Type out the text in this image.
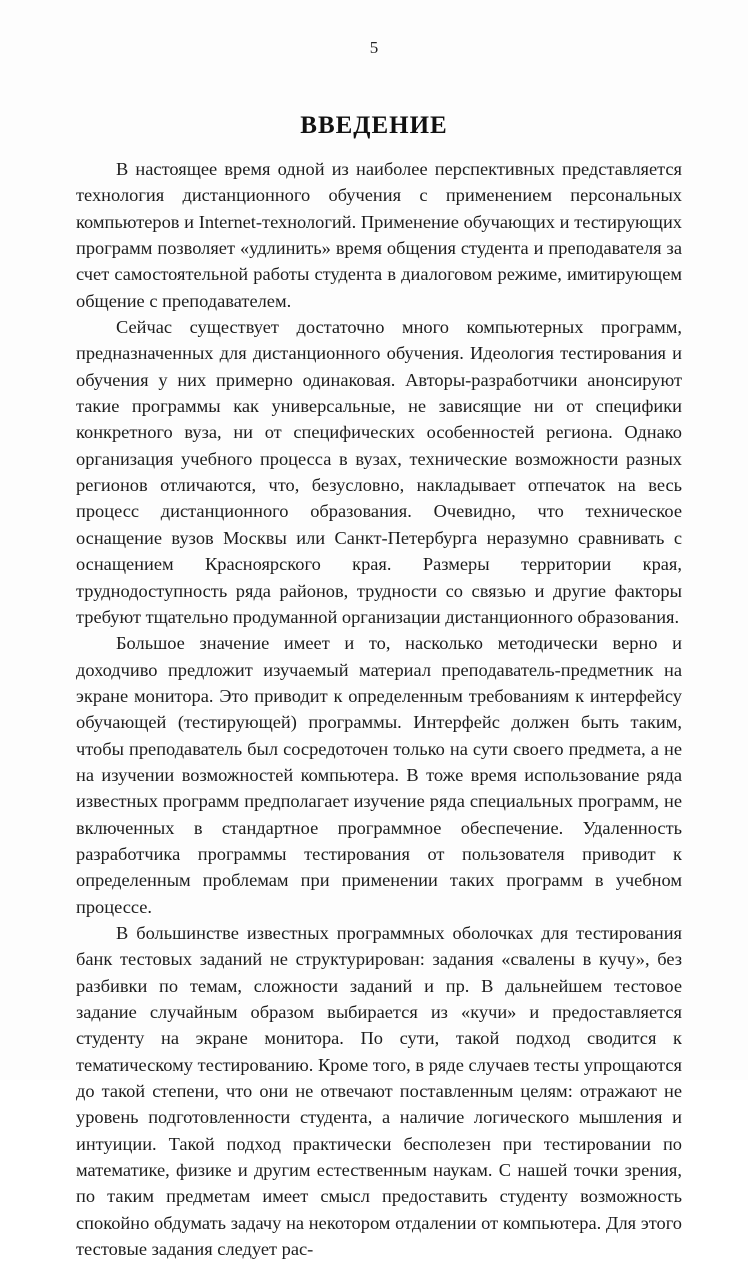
5
ВВЕДЕНИЕ

В настоящее время одной из наиболее перспективных представляется технология дистанционного обучения с применением персональных компьютеров и Internet-технологий. Применение обучающих и тестирующих программ позволяет «удлинить» время общения студента и преподавателя за счет самостоятельной работы студента в диалоговом режиме, имитирующем общение с преподавателем.

Сейчас существует достаточно много компьютерных программ, предназначенных для дистанционного обучения. Идеология тестирования и обучения у них примерно одинаковая. Авторы-разработчики анонсируют такие программы как универсальные, не зависящие ни от специфики конкретного вуза, ни от специфических особенностей региона. Однако организация учебного процесса в вузах, технические возможности разных регионов отличаются, что, безусловно, накладывает отпечаток на весь процесс дистанционного образования. Очевидно, что техническое оснащение вузов Москвы или Санкт-Петербурга неразумно сравнивать с оснащением Красноярского края. Размеры территории края, труднодоступность ряда районов, трудности со связью и другие факторы требуют тщательно продуманной организации дистанционного образования.

Большое значение имеет и то, насколько методически верно и доходчиво предложит изучаемый материал преподаватель-предметник на экране монитора. Это приводит к определенным требованиям к интерфейсу обучающей (тестирующей) программы. Интерфейс должен быть таким, чтобы преподаватель был сосредоточен только на сути своего предмета, а не на изучении возможностей компьютера. В тоже время использование ряда известных программ предполагает изучение ряда специальных программ, не включенных в стандартное программное обеспечение. Удаленность разработчика программы тестирования от пользователя приводит к определенным проблемам при применении таких программ в учебном процессе.

В большинстве известных программных оболочках для тестирования банк тестовых заданий не структурирован: задания «свалены в кучу», без разбивки по темам, сложности заданий и пр. В дальнейшем тестовое задание случайным образом выбирается из «кучи» и предоставляется студенту на экране монитора. По сути, такой подход сводится к тематическому тестированию. Кроме того, в ряде случаев тесты упрощаются до такой степени, что они не отвечают поставленным целям: отражают не уровень подготовленности студента, а наличие логического мышления и интуиции. Такой подход практически бесполезен при тестировании по математике, физике и другим естественным наукам. С нашей точки зрения, по таким предметам имеет смысл предоставить студенту возможность спокойно обдумать задачу на некотором отдалении от компьютера. Для этого тестовые задания следует рас-
